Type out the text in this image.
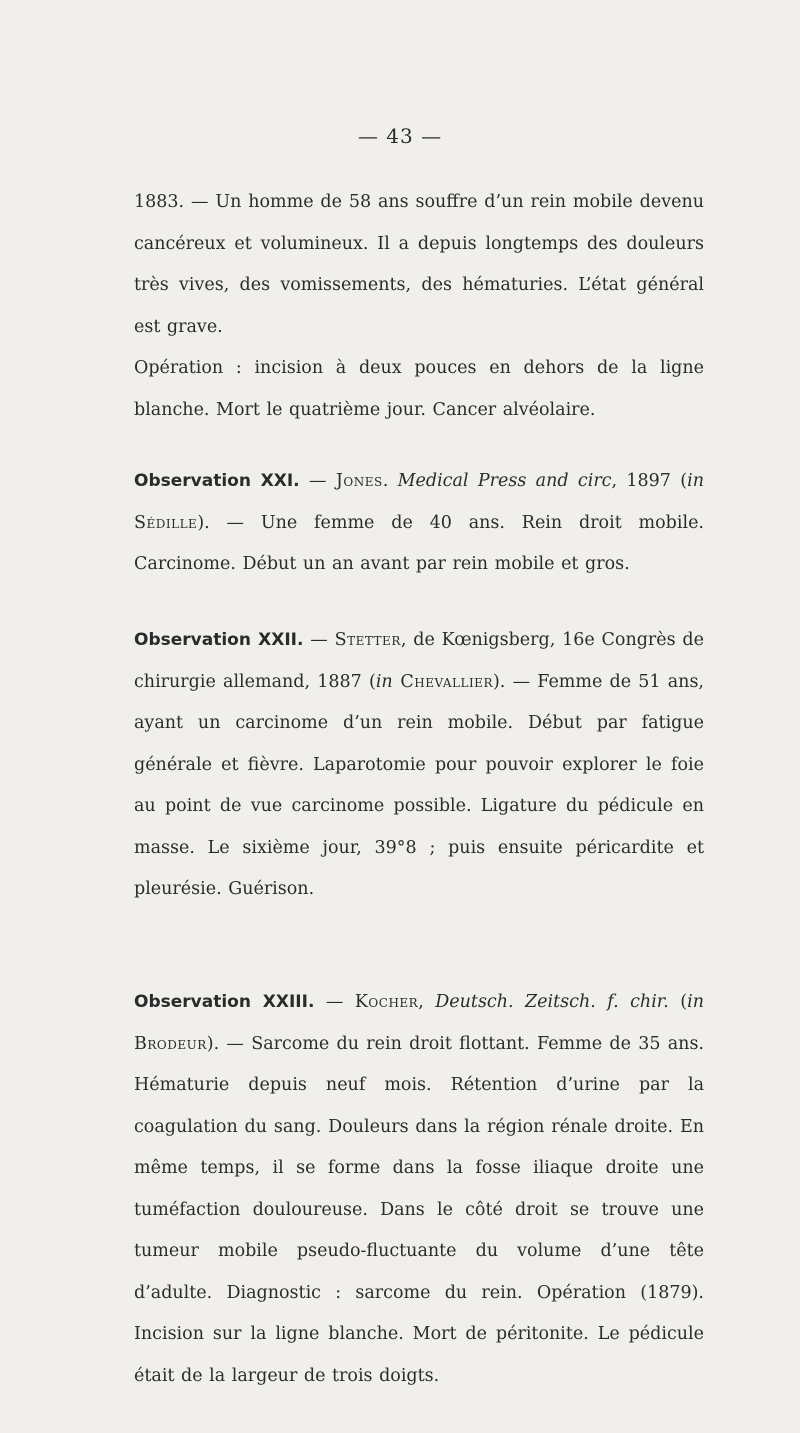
— 43 —

1883. — Un homme de 58 ans souffre d’un rein mobile devenu cancéreux et volumineux. Il a depuis longtemps des douleurs très vives, des vomissements, des hématuries. L’état général est grave.

Opération : incision à deux pouces en dehors de la ligne blanche. Mort le quatrième jour. Cancer alvéolaire.

Observation XXI. — Jones. Medical Press and circ, 1897 (in Sédille). — Une femme de 40 ans. Rein droit mobile. Carcinome. Début un an avant par rein mobile et gros.

Observation XXII. — Stetter, de Kœnigsberg, 16e Congrès de chirurgie allemand, 1887 (in Chevallier). — Femme de 51 ans, ayant un carcinome d’un rein mobile. Début par fatigue générale et fièvre. Laparotomie pour pouvoir explorer le foie au point de vue carcinome possible. Ligature du pédicule en masse. Le sixième jour, 39°8 ; puis ensuite péricardite et pleurésie. Guérison.

Observation XXIII. — Kocher, Deutsch. Zeitsch. f. chir. (in Brodeur). — Sarcome du rein droit flottant. Femme de 35 ans. Hématurie depuis neuf mois. Rétention d’urine par la coagulation du sang. Douleurs dans la région rénale droite. En même temps, il se forme dans la fosse iliaque droite une tuméfaction douloureuse. Dans le côté droit se trouve une tumeur mobile pseudo-fluctuante du volume d’une tête d’adulte. Diagnostic : sarcome du rein. Opération (1879). Incision sur la ligne blanche. Mort de péritonite. Le pédicule était de la largeur de trois doigts.
